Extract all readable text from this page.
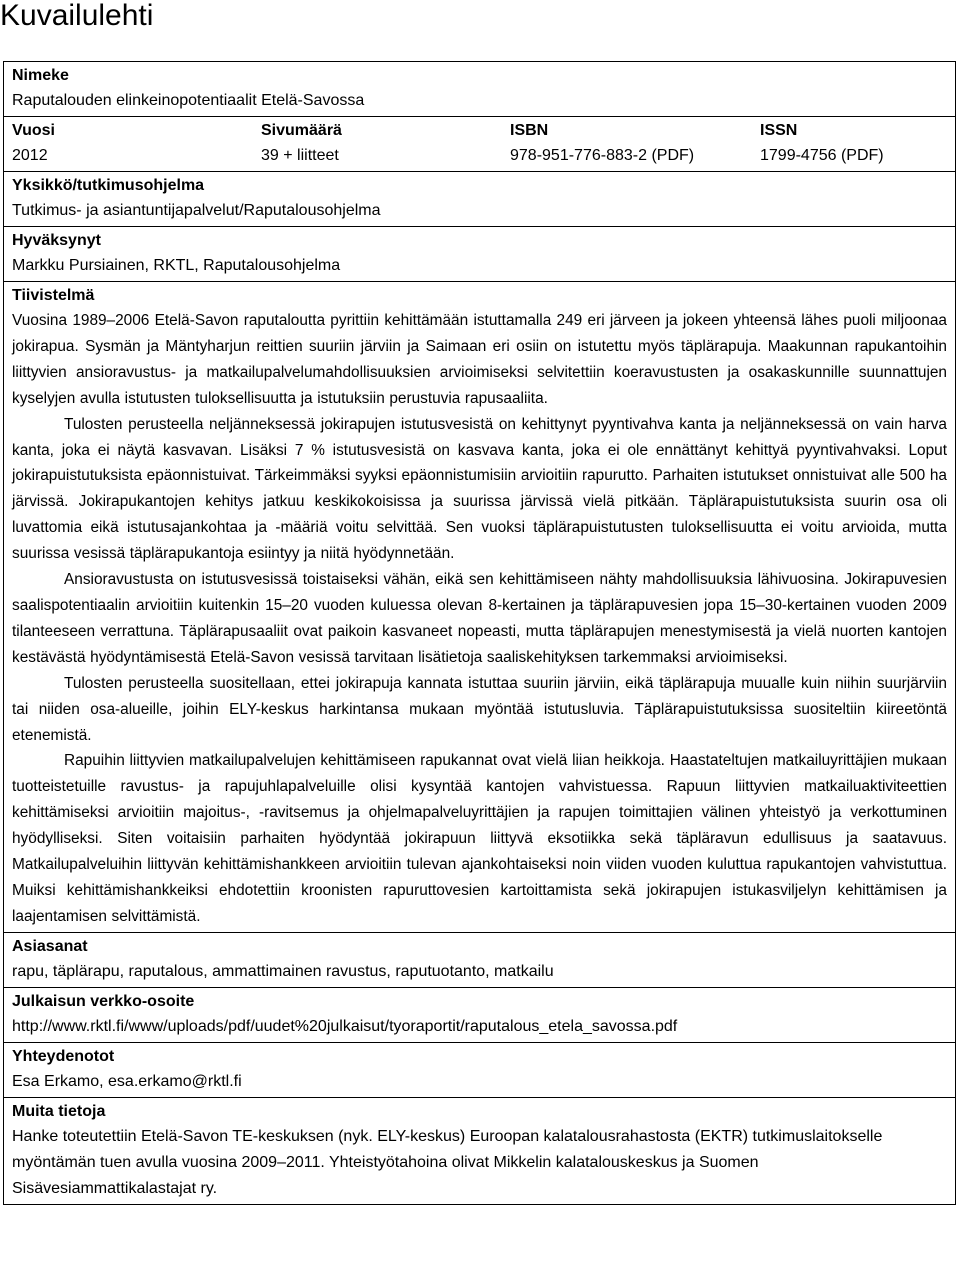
Kuvailulehti
Nimeke
Raputalouden elinkeinopotentiaalit Etelä-Savossa
Vuosi
2012
Sivumäärä
39 + liitteet
ISBN
978-951-776-883-2 (PDF)
ISSN
1799-4756 (PDF)
Yksikkö/tutkimusohjelma
Tutkimus- ja asiantuntijapalvelut/Raputalousohjelma
Hyväksynyt
Markku Pursiainen, RKTL, Raputalousohjelma
Tiivistelmä

Vuosina 1989–2006 Etelä-Savon raputaloutta pyrittiin kehittämään istuttamalla 249 eri järveen ja jokeen yhteensä lähes puoli miljoonaa jokirapua. Sysmän ja Mäntyharjun reittien suuriin järviin ja Saimaan eri osiin on istutettu myös täplärapuja. Maakunnan rapukantoihin liittyvien ansioravustus- ja matkailupalvelumahdollisuuksien arvioimiseksi selvitettiin koeravustusten ja osakaskunnille suunnattujen kyselyjen avulla istutusten tuloksellisuutta ja istutuksiin perustuvia rapusaaliita.

Tulosten perusteella neljänneksessä jokirapujen istutusvesistä on kehittynyt pyyntivahva kanta ja neljänneksessä on vain harva kanta, joka ei näytä kasvavan. Lisäksi 7 % istutusvesistä on kasvava kanta, joka ei ole ennättänyt kehittyä pyyntivahvaksi. Loput jokirapuistutuksista epäonnistuivat. Tärkeimmäksi syyksi epäonnistumisiin arvioitiin rapurutto. Parhaiten istutukset onnistuivat alle 500 ha järvissä. Jokirapukantojen kehitys jatkuu keskikokoisissa ja suurissa järvissä vielä pitkään. Täplärapuistutuksista suurin osa oli luvattomia eikä istutusajankohtaa ja -määriä voitu selvittää. Sen vuoksi täplärapuistutusten tuloksellisuutta ei voitu arvioida, mutta suurissa vesissä täplärapukantoja esiintyy ja niitä hyödynnetään.

Ansioravustusta on istutusvesissä toistaiseksi vähän, eikä sen kehittämiseen nähty mahdollisuuksia lähivuosina. Jokirapuvesien saalispotentiaalin arvioitiin kuitenkin 15–20 vuoden kuluessa olevan 8-kertainen ja täplärapuvesien jopa 15–30-kertainen vuoden 2009 tilanteeseen verrattuna. Täplärapusaaliit ovat paikoin kasvaneet nopeasti, mutta täplärapujen menestymisestä ja vielä nuorten kantojen kestävästä hyödyntämisestä Etelä-Savon vesissä tarvitaan lisätietoja saaliskehityksen tarkemmaksi arvioimiseksi.

Tulosten perusteella suositellaan, ettei jokirapuja kannata istuttaa suuriin järviin, eikä täplärapuja muualle kuin niihin suurjärviin tai niiden osa-alueille, joihin ELY-keskus harkintansa mukaan myöntää istutusluvia. Täplärapuistutuksissa suositeltiin kiireetöntä etenemistä.

Rapuihin liittyvien matkailupalvelujen kehittämiseen rapukannat ovat vielä liian heikkoja. Haastateltujen matkailuyrittäjien mukaan tuotteistetuille ravustus- ja rapujuhlapalveluille olisi kysyntää kantojen vahvistuessa. Rapuun liittyvien matkailuaktiviteettien kehittämiseksi arvioitiin majoitus-, -ravitsemus ja ohjelmapalveluyrittäjien ja rapujen toimittajien välinen yhteistyö ja verkottuminen hyödylliseksi. Siten voitaisiin parhaiten hyödyntää jokirapuun liittyvä eksotiikka sekä täpläravun edullisuus ja saatavuus. Matkailupalveluihin liittyvän kehittämishankkeen arvioitiin tulevan ajankohtaiseksi noin viiden vuoden kuluttua rapukantojen vahvistuttua. Muiksi kehittämishankkeiksi ehdotettiin kroonisten rapuruttovesien kartoittamista sekä jokirapujen istukasviljelyn kehittämisen ja laajentamisen selvittämistä.

Asiasanat
rapu, täplärapu, raputalous, ammattimainen ravustus, raputuotanto, matkailu
Julkaisun verkko-osoite
http://www.rktl.fi/www/uploads/pdf/uudet%20julkaisut/tyoraportit/raputalous_etela_savossa.pdf
Yhteydenotot
Esa Erkamo, esa.erkamo@rktl.fi
Muita tietoja
Hanke toteutettiin Etelä-Savon TE-keskuksen (nyk. ELY-keskus) Euroopan kalatalousrahastosta (EKTR) tutkimuslaitokselle myöntämän tuen avulla vuosina 2009–2011. Yhteistyötahoina olivat Mikkelin kalatalouskeskus ja Suomen Sisävesiammattikalastajat ry.
